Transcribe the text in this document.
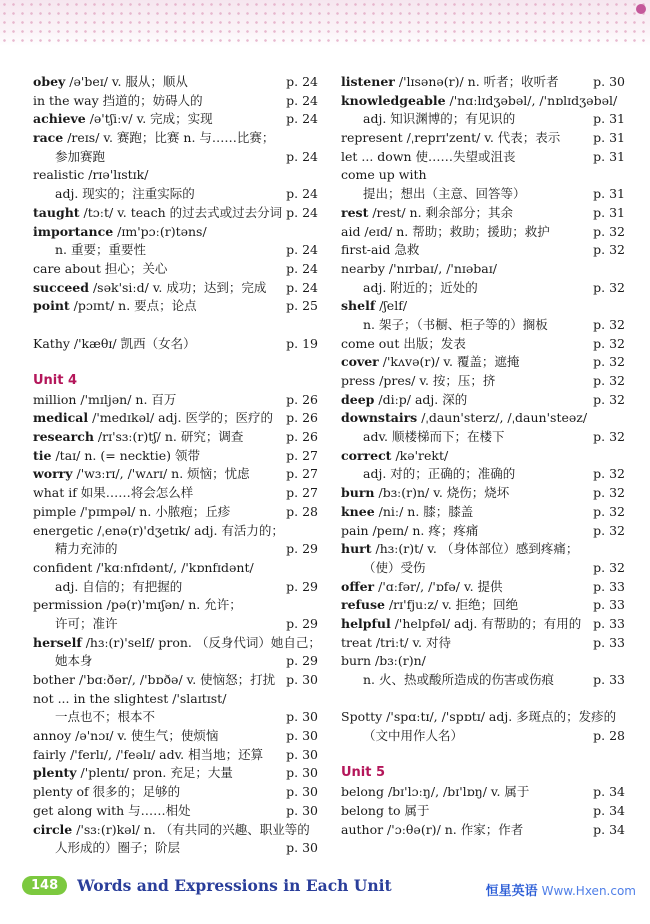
obey /ə'beɪ/ v. 服从；顺从	p. 24
in the way 挡道的；妨碍人的	p. 24
achieve /ə'tʃiːv/ v. 完成；实现	p. 24
race /reɪs/ v. 赛跑；比赛 n. 与……比赛；
参加赛跑	p. 24
realistic /rɪə'lɪstɪk/
adj. 现实的；注重实际的	p. 24
taught /tɔːt/ v. teach 的过去式或过去分词 p. 24
importance /ɪm'pɔː(r)təns/
n. 重要；重要性	p. 24
care about 担心；关心	p. 24
succeed /sək'siːd/ v. 成功；达到；完成 p. 24
point /pɔɪnt/ n. 要点；论点	p. 25
Kathy /'kæθɪ/ 凯西（女名）	p. 19
Unit 4
million /'mɪljən/ n. 百万	p. 26
medical /'medɪkəl/ adj. 医学的；医疗的 p. 26
research /rɪ'sɜː(r)tʃ/ n. 研究；调查	p. 26
tie /taɪ/ n. (= necktie) 领带	p. 27
worry /'wɜːrɪ/, /'wʌrɪ/ n. 烦恼；忧虑	p. 27
what if 如果……将会怎么样	p. 27
pimple /'pɪmpəl/ n. 小脓疱；丘疹	p. 28
energetic /ˌenə(r)'dʒetɪk/ adj. 有活力的；
精力充沛的	p. 29
confident /'kɑːnfɪdənt/, /'kɒnfɪdənt/
adj. 自信的；有把握的	p. 29
permission /pə(r)'mɪʃən/ n. 允许；
许可；准许	p. 29
herself /hɜː(r)'self/ pron. （反身代词）她自己；
她本身	p. 29
bother /'bɑːðər/, /'bɒðə/ v. 使恼怒；打扰 p. 30
not ... in the slightest /'slaɪtɪst/
一点也不；根本不	p. 30
annoy /ə'nɔɪ/ v. 使生气；使烦恼	p. 30
fairly /'ferlɪ/, /'feəlɪ/ adv. 相当地；还算 p. 30
plenty /'plentɪ/ pron. 充足；大量	p. 30
plenty of 很多的；足够的	p. 30
get along with 与……相处	p. 30
circle /'sɜː(r)kəl/ n. （有共同的兴趣、职业等的
人形成的）圈子；阶层	p. 30
listener /'lɪsənə(r)/ n. 听者；收听者	p. 30
knowledgeable /'nɑːlɪdʒəbəl/, /'nɒlɪdʒəbəl/
adj. 知识渊博的；有见识的	p. 31
represent /ˌreprɪ'zent/ v. 代表；表示	p. 31
let ... down 使……失望或沮丧	p. 31
come up with
提出；想出（主意、回答等）	p. 31
rest /rest/ n. 剩余部分；其余	p. 31
aid /eɪd/ n. 帮助；救助；援助；救护	p. 32
first-aid 急救	p. 32
nearby /'nɪrbaɪ/, /'nɪəbaɪ/
adj. 附近的；近处的	p. 32
shelf /ʃelf/
n. 架子；（书橱、柜子等的）搁板	p. 32
come out 出版；发表	p. 32
cover /'kʌvə(r)/ v. 覆盖；遮掩	p. 32
press /pres/ v. 按；压；挤	p. 32
deep /diːp/ adj. 深的	p. 32
downstairs /ˌdaun'sterz/, /ˌdaun'steəz/
adv. 顺楼梯而下；在楼下	p. 32
correct /kə'rekt/
adj. 对的；正确的；准确的	p. 32
burn /bɜː(r)n/ v. 烧伤；烧坏	p. 32
knee /niː/ n. 膝；膝盖	p. 32
pain /peɪn/ n. 疼；疼痛	p. 32
hurt /hɜː(r)t/ v. （身体部位）感到疼痛；
（使）受伤	p. 32
offer /'ɑːfər/, /'ɒfə/ v. 提供	p. 33
refuse /rɪ'fjuːz/ v. 拒绝；回绝	p. 33
helpful /'helpfəl/ adj. 有帮助的；有用的 p. 33
treat /triːt/ v. 对待	p. 33
burn /bɜː(r)n/
n. 火、热或酸所造成的伤害或伤痕	p. 33
Spotty /'spɑːtɪ/, /'spɒtɪ/ adj. 多斑点的；发疹的
（文中用作人名）	p. 28
Unit 5
belong /bɪ'lɔːŋ/, /bɪ'lɒŋ/ v. 属于	p. 34
belong to 属于	p. 34
author /'ɔːθə(r)/ n. 作家；作者	p. 34
148	Words and Expressions in Each Unit	恒星英语 Www.Hxen.com
